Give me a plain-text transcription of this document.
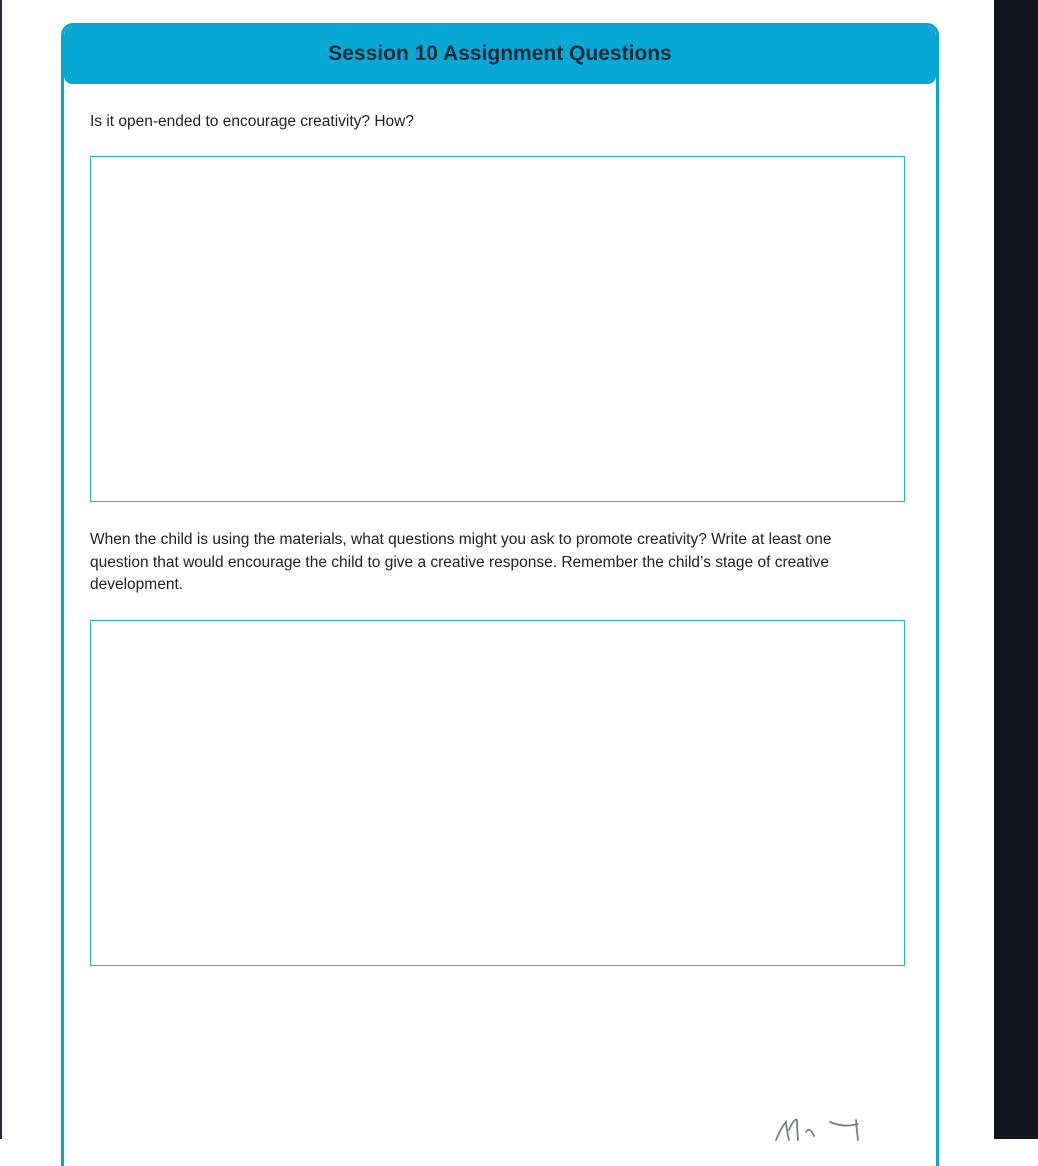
Session 10 Assignment Questions
Is it open-ended to encourage creativity? How?
When the child is using the materials, what questions might you ask to promote creativity? Write at least one question that would encourage the child to give a creative response. Remember the child’s stage of creative development.
